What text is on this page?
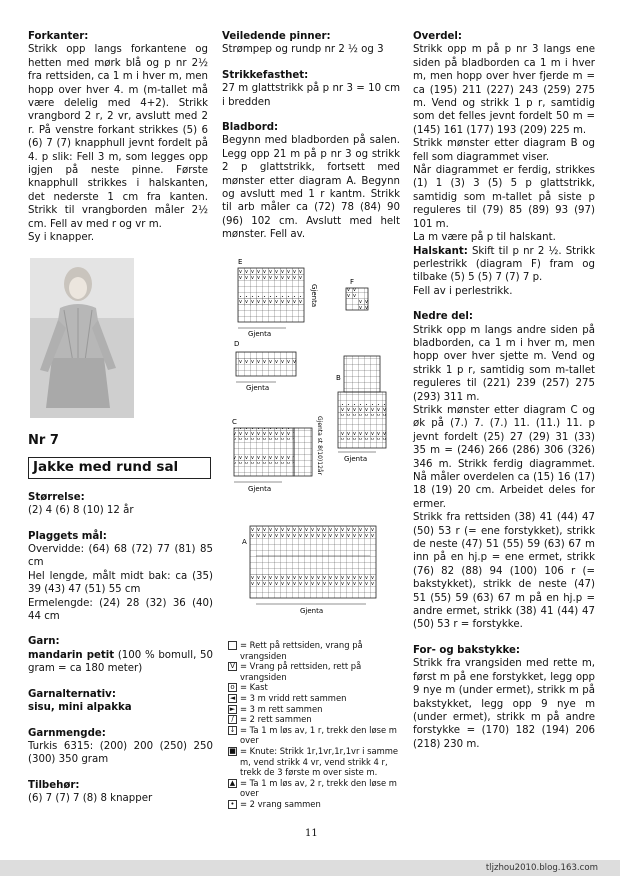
Forkanter:

Strikk opp langs forkantene og hetten med mørk blå og p nr 2½ fra rettsiden, ca 1 m i hver m, men hopp over hver 4. m (m-tallet må være delelig med 4+2). Strikk vrangbord 2 r, 2 vr, avslutt med 2 r. På venstre forkant strikkes (5) 6 (6) 7 (7) knapphull jevnt fordelt på 4. p slik: Fell 3 m, som legges opp igjen på neste pinne. Første knapphull strikkes i halskanten, det nederste 1 cm fra kanten. Strikk til vrangborden måler 2½ cm. Fell av med r og vr m.

Sy i knapper.

Nr 7

Jakke med rund sal

Størrelse:

(2) 4 (6) 8 (10) 12 år

Plaggets mål:

Overvidde: (64) 68 (72) 77 (81) 85 cm

Hel lengde, målt midt bak: ca (35) 39 (43) 47 (51) 55 cm

Ermelengde: (24) 28 (32) 36 (40) 44 cm

Garn:

mandarin petit (100 % bomull, 50 gram = ca 180 meter)

Garnalternativ:

sisu, mini alpakka

Garnmengde:

Turkis 6315: (200) 200 (250) 250 (300) 350 gram

Tilbehør:

(6) 7 (7) 7 (8) 8 knapper

Veiledende pinner:

Strømpep og rundp nr 2 ½ og 3

Strikkefasthet:

27 m glattstrikk på p nr 3 = 10 cm i bredden

Bladbord:

Begynn med bladborden på salen. Legg opp 21 m på p nr 3 og strikk 2 p glattstrikk, fortsett med mønster etter diagram A. Begynn og avslutt med 1 r kantm. Strikk til arb måler ca (72) 78 (84) 90 (96) 102 cm. Avslutt med helt mønster. Fell av.

E
Gjenta
Gjenta
F
D
Gjenta
B
Gjenta
C
Gjenta
Gjenta st 8(10)12år
A
Gjenta
= Rett på rettsiden, vrang på vrangsiden
V = Vrang på rettsiden, rett på vrangsiden
o = Kast
◄ = 3 m vridd rett sammen
► = 3 m rett sammen
/ = 2 rett sammen
↓ = Ta 1 m løs av, 1 r, trekk den løse m over
■ = Knute: Strikk 1r,1vr,1r,1vr i samme m, vend strikk 4 vr, vend strikk 4 r, trekk de 3 første m over siste m.
▲ = Ta 1 m løs av, 2 r, trekk den løse m over
• = 2 vrang sammen

Overdel:

Strikk opp m på p nr 3 langs ene siden på bladborden ca 1 m i hver m, men hopp over hver fjerde m = ca (195) 211 (227) 243 (259) 275 m. Vend og strikk 1 p r, samtidig som det felles jevnt fordelt 50 m = (145) 161 (177) 193 (209) 225 m.

Strikk mønster etter diagram B og fell som diagrammet viser.

Når diagrammet er ferdig, strikkes (1) 1 (3) 3 (5) 5 p glattstrikk, samtidig som m-tallet på siste p reguleres til (79) 85 (89) 93 (97) 101 m.

La m være på p til halskant.

Halskant: Skift til p nr 2 ½. Strikk perlestrikk (diagram F) fram og tilbake (5) 5 (5) 7 (7) 7 p.

Fell av i perlestrikk.

Nedre del:

Strikk opp m langs andre siden på bladborden, ca 1 m i hver m, men hopp over hver sjette m. Vend og strikk 1 p r, samtidig som m-tallet reguleres til (221) 239 (257) 275 (293) 311 m.

Strikk mønster etter diagram C og øk på (7.) 7. (7.) 11. (11.) 11. p jevnt fordelt (25) 27 (29) 31 (33) 35 m = (246) 266 (286) 306 (326) 346 m. Strikk ferdig diagrammet. Nå måler overdelen ca (15) 16 (17) 18 (19) 20 cm. Arbeidet deles for ermer.

Strikk fra rettsiden (38) 41 (44) 47 (50) 53 r (= ene forstykket), strikk de neste (47) 51 (55) 59 (63) 67 m inn på en hj.p = ene ermet, strikk (76) 82 (88) 94 (100) 106 r (= bakstykket), strikk de neste (47) 51 (55) 59 (63) 67 m på en hj.p = andre ermet, strikk (38) 41 (44) 47 (50) 53 r = forstykke.

For- og bakstykke:

Strikk fra vrangsiden med rette m, først m på ene forstykket, legg opp 9 nye m (under ermet), strikk m på bakstykket, legg opp 9 nye m (under ermet), strikk m på andre forstykke = (170) 182 (194) 206 (218) 230 m.

11
tljzhou2010.blog.163.com
